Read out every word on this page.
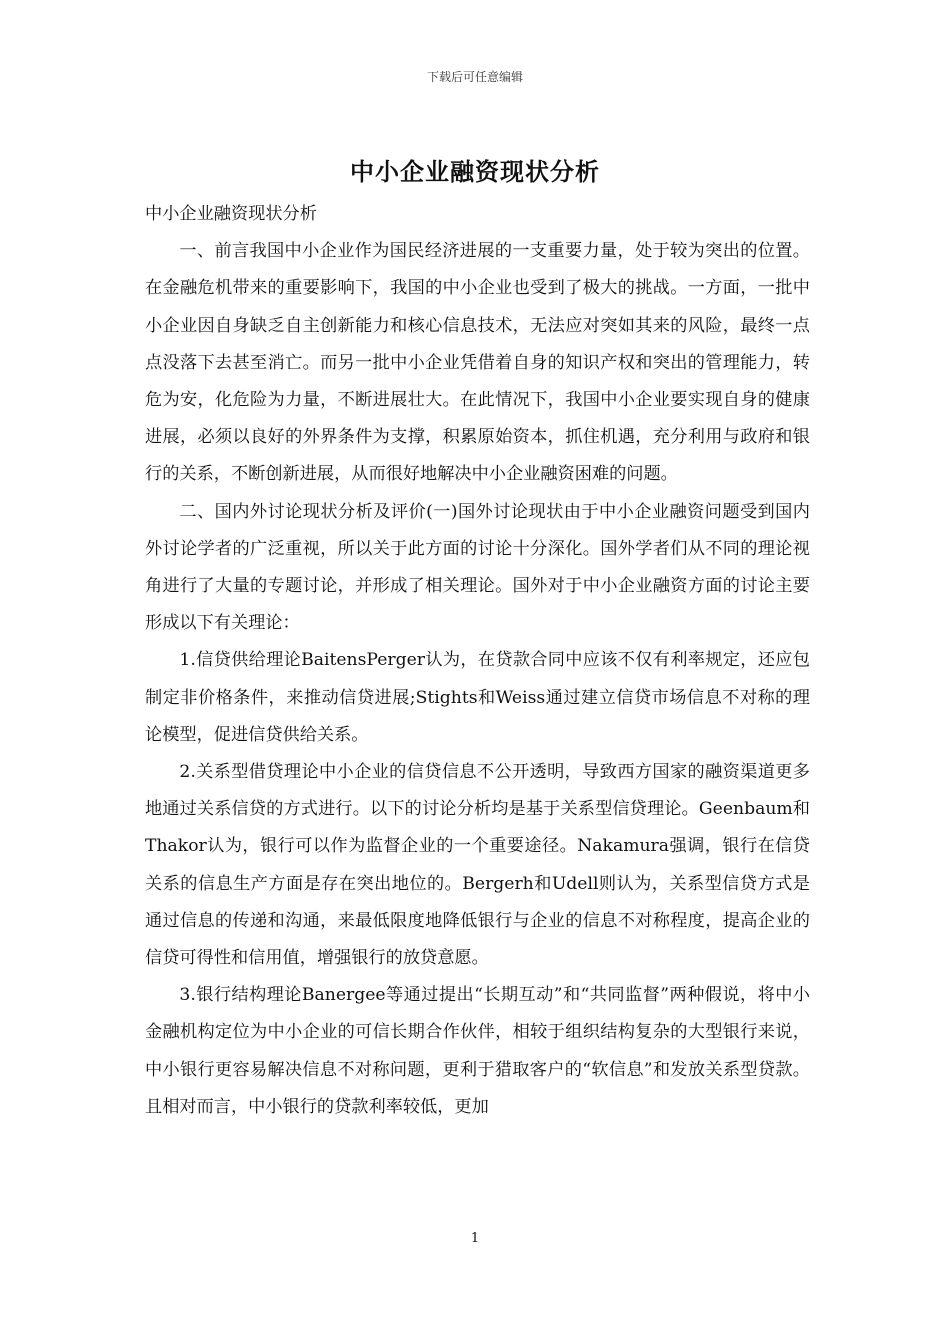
下载后可任意编辑
中小企业融资现状分析

中小企业融资现状分析

一、前言我国中小企业作为国民经济进展的一支重要力量，处于较为突出的位置。在金融危机带来的重要影响下，我国的中小企业也受到了极大的挑战。一方面，一批中小企业因自身缺乏自主创新能力和核心信息技术，无法应对突如其来的风险，最终一点点没落下去甚至消亡。而另一批中小企业凭借着自身的知识产权和突出的管理能力，转危为安，化危险为力量，不断进展壮大。在此情况下，我国中小企业要实现自身的健康进展，必须以良好的外界条件为支撑，积累原始资本，抓住机遇，充分利用与政府和银行的关系，不断创新进展，从而很好地解决中小企业融资困难的问题。

二、国内外讨论现状分析及评价(一)国外讨论现状由于中小企业融资问题受到国内外讨论学者的广泛重视，所以关于此方面的讨论十分深化。国外学者们从不同的理论视角进行了大量的专题讨论，并形成了相关理论。国外对于中小企业融资方面的讨论主要形成以下有关理论：

1.信贷供给理论BaitensPerger认为，在贷款合同中应该不仅有利率规定，还应包制定非价格条件，来推动信贷进展;Stights和Weiss通过建立信贷市场信息不对称的理论模型，促进信贷供给关系。

2.关系型借贷理论中小企业的信贷信息不公开透明，导致西方国家的融资渠道更多地通过关系信贷的方式进行。以下的讨论分析均是基于关系型信贷理论。Geenbaum和Thakor认为，银行可以作为监督企业的一个重要途径。Nakamura强调，银行在信贷关系的信息生产方面是存在突出地位的。Bergerh和Udell则认为，关系型信贷方式是通过信息的传递和沟通，来最低限度地降低银行与企业的信息不对称程度，提高企业的信贷可得性和信用值，增强银行的放贷意愿。

3.银行结构理论Banergee等通过提出“长期互动”和“共同监督”两种假说，将中小金融机构定位为中小企业的可信长期合作伙伴，相较于组织结构复杂的大型银行来说，中小银行更容易解决信息不对称问题，更利于猎取客户的“软信息”和发放关系型贷款。且相对而言，中小银行的贷款利率较低，更加

1
